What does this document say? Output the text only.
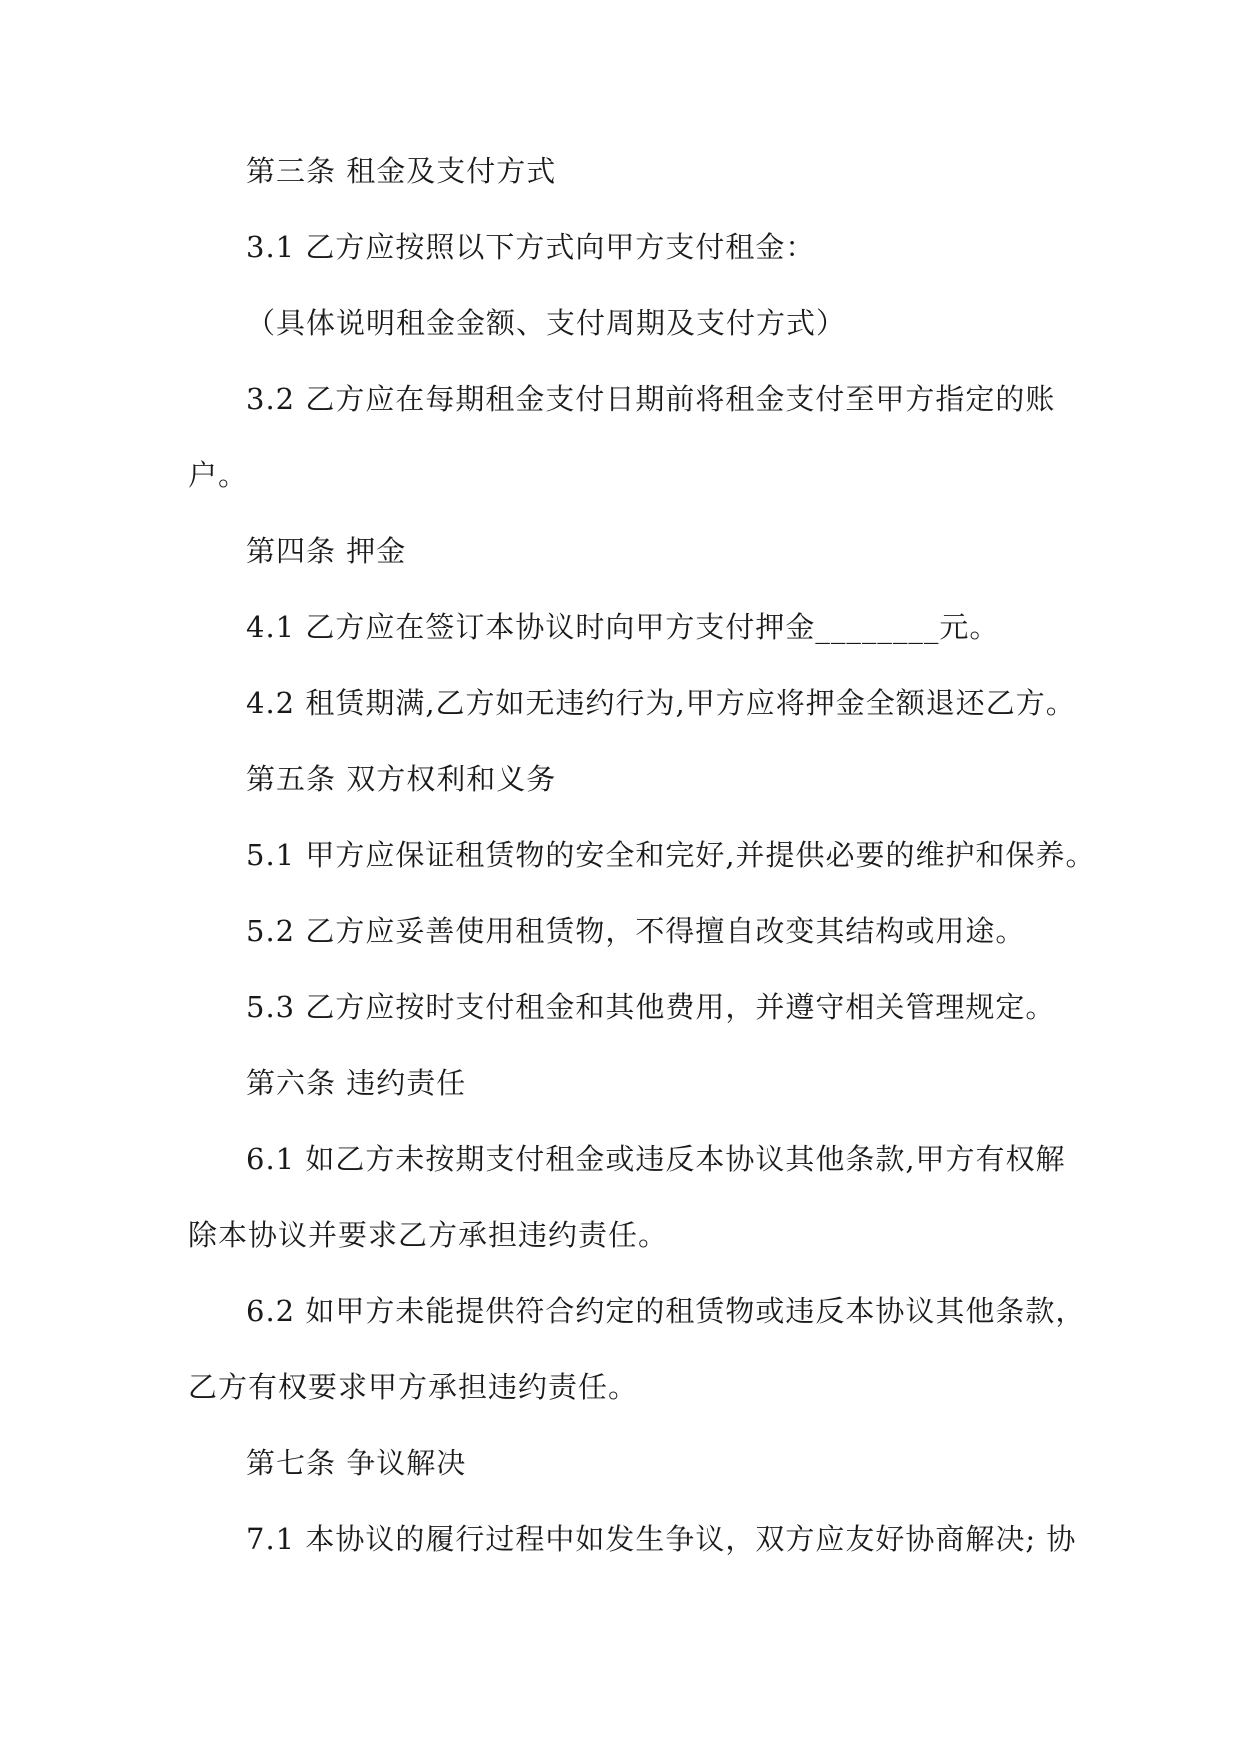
第三条 租金及支付方式
3.1 乙方应按照以下方式向甲方支付租金：
（具体说明租金金额、支付周期及支付方式）
3.2 乙方应在每期租金支付日期前将租金支付至甲方指定的账
户。
第四条 押金
4.1 乙方应在签订本协议时向甲方支付押金________元。
4.2 租赁期满,乙方如无违约行为,甲方应将押金全额退还乙方。
第五条 双方权利和义务
5.1 甲方应保证租赁物的安全和完好,并提供必要的维护和保养。
5.2 乙方应妥善使用租赁物，不得擅自改变其结构或用途。
5.3 乙方应按时支付租金和其他费用，并遵守相关管理规定。
第六条 违约责任
6.1 如乙方未按期支付租金或违反本协议其他条款,甲方有权解
除本协议并要求乙方承担违约责任。
6.2 如甲方未能提供符合约定的租赁物或违反本协议其他条款，
乙方有权要求甲方承担违约责任。
第七条 争议解决
7.1 本协议的履行过程中如发生争议，双方应友好协商解决; 协
